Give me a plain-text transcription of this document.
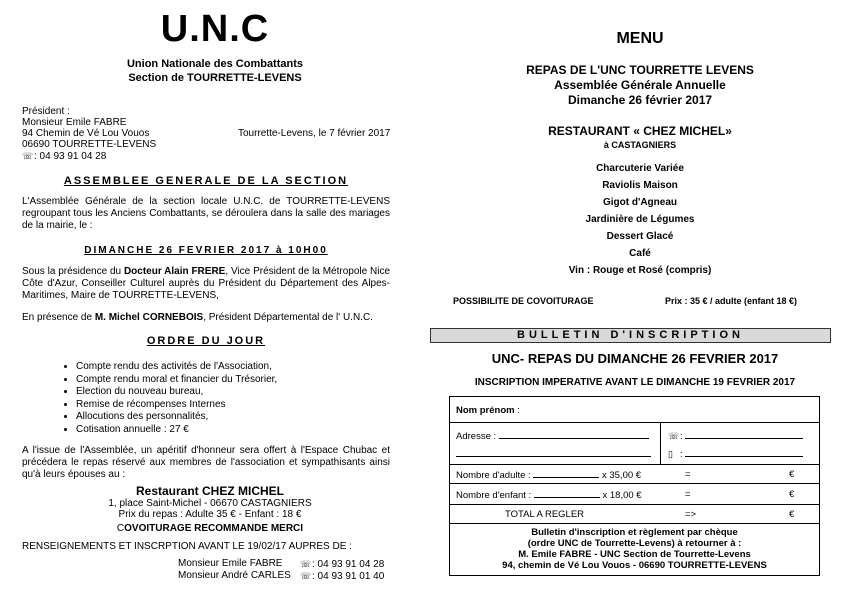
U.N.C
Union Nationale des Combattants
Section de TOURRETTE-LEVENS
Président :
Monsieur Emile FABRE
94 Chemin de Vé Lou Vouos
06690 TOURRETTE-LEVENS
☏: 04 93 91 04 28
Tourrette-Levens, le 7 février 2017
ASSEMBLEE GENERALE DE LA SECTION
L'Assemblée Générale de la section locale U.N.C. de TOURRETTE-LEVENS regroupant tous les Anciens Combattants, se déroulera dans la salle des mariages de la mairie, le :
DIMANCHE 26 FEVRIER 2017 à 10H00
Sous la présidence du Docteur Alain FRERE, Vice Président de la Métropole Nice Côte d'Azur, Conseiller Culturel auprès du Président du Département des Alpes-Maritimes, Maire de TOURRETTE-LEVENS,
En présence de M. Michel CORNEBOIS, Président Départemental de l' U.N.C.
ORDRE DU JOUR
• Compte rendu des activités de l'Association,
• Compte rendu moral et financier du Trésorier,
• Election du nouveau bureau,
• Remise de récompenses Internes
• Allocutions des personnalités,
• Cotisation annuelle : 27 €
A l'issue de l'Assemblée, un apéritif d'honneur sera offert à l'Espace Chubac et précédera le repas réservé aux membres de l'association et sympathisants ainsi qu'à leurs épouses au :
Restaurant CHEZ MICHEL
1, place Saint-Michel - 06670 CASTAGNIERS
Prix du repas : Adulte 35 € - Enfant : 18 €
COVOITURAGE RECOMMANDE MERCI
RENSEIGNEMENTS ET INSCRPTION AVANT LE 19/02/17 AUPRES DE :
Monsieur Emile FABRE ☏: 04 93 91 04 28
Monsieur André CARLES ☏: 04 93 91 01 40
MENU
REPAS DE L'UNC TOURRETTE LEVENS
Assemblée Générale Annuelle
Dimanche 26 février 2017
RESTAURANT « CHEZ MICHEL»
à CASTAGNIERS
Charcuterie Variée
Raviolis Maison
Gigot d'Agneau
Jardinière de Légumes
Dessert Glacé
Café
Vin : Rouge et Rosé (compris)
POSSIBILITE DE COVOITURAGE	Prix : 35 € / adulte (enfant 18 €)
BULLETIN D'INSCRIPTION
UNC- REPAS DU DIMANCHE 26 FEVRIER 2017
INSCRIPTION IMPERATIVE AVANT LE DIMANCHE 19 FEVRIER 2017
Nom prénom :
Adresse :	☏:
▯ :
Nombre d'adulte :	x 35,00 €	=	€
Nombre d'enfant :	x 18,00 €	=	€
TOTAL A REGLER	=>	€
Bulletin d'inscription et règlement par chèque
(ordre UNC de Tourrette-Levens) à retourner à :
M. Emile FABRE - UNC Section de Tourrette-Levens
94, chemin de Vé Lou Vouos - 06690 TOURRETTE-LEVENS
